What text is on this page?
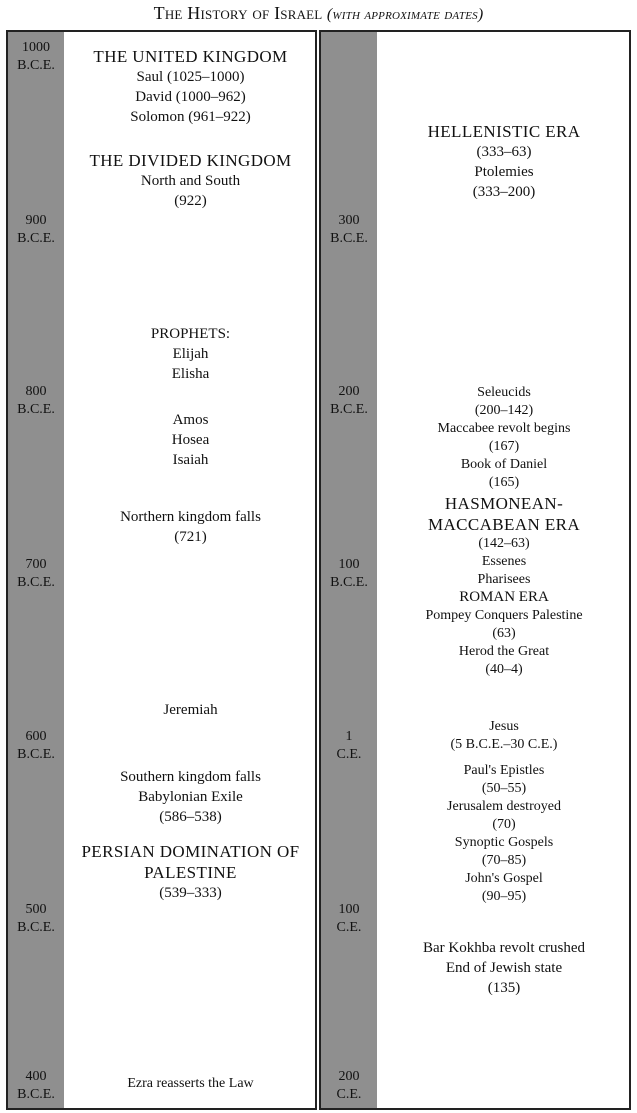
The History of Israel (with approximate dates)
1000
B.C.E.
900
B.C.E.
800
B.C.E.
700
B.C.E.
600
B.C.E.
500
B.C.E.
400
B.C.E.
THE UNITED KINGDOM
Saul (1025–1000)
David (1000–962)
Solomon (961–922)
THE DIVIDED KINGDOM
North and South
(922)
PROPHETS:
Elijah
Elisha
Amos
Hosea
Isaiah
Northern kingdom falls
(721)
Jeremiah
Southern kingdom falls
Babylonian Exile
(586–538)
PERSIAN DOMINATION OF
PALESTINE
(539–333)
Ezra reasserts the Law
300
B.C.E.
200
B.C.E.
100
B.C.E.
1
C.E.
100
C.E.
200
C.E.
HELLENISTIC ERA
(333–63)
Ptolemies
(333–200)
Seleucids
(200–142)
Maccabee revolt begins
(167)
Book of Daniel
(165)
HASMONEAN-
MACCABEAN ERA
(142–63)
Essenes
Pharisees
ROMAN ERA
Pompey Conquers Palestine
(63)
Herod the Great
(40–4)
Jesus
(5 B.C.E.–30 C.E.)
Paul's Epistles
(50–55)
Jerusalem destroyed
(70)
Synoptic Gospels
(70–85)
John's Gospel
(90–95)
Bar Kokhba revolt crushed
End of Jewish state
(135)
